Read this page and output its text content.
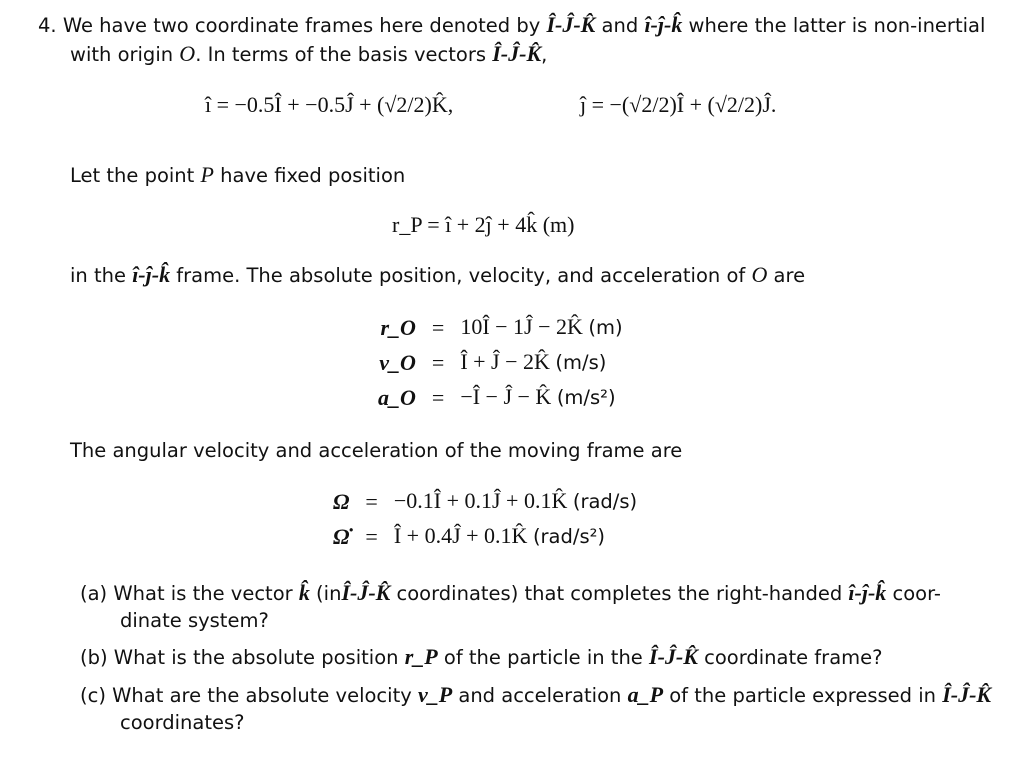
4. We have two coordinate frames here denoted by Î-Ĵ-K̂ and î-ĵ-k̂ where the latter is non-inertial
with origin O. In terms of the basis vectors Î-Ĵ-K̂,
î = −0.5Î + −0.5Ĵ + (√2/2)K̂,	ĵ = −(√2/2)Î + (√2/2)Ĵ.
Let the point P have fixed position
r_P = î + 2ĵ + 4k̂ (m)
in the î-ĵ-k̂ frame. The absolute position, velocity, and acceleration of O are
r_O	=	10Î − 1Ĵ − 2K̂ (m)
v_O	=	Î + Ĵ − 2K̂ (m/s)
a_O	=	−Î − Ĵ − K̂ (m/s²)
The angular velocity and acceleration of the moving frame are
Ω	=	−0.1Î + 0.1Ĵ + 0.1K̂ (rad/s)
Ω̇	=	Î + 0.4Ĵ + 0.1K̂ (rad/s²)
(a) What is the vector k̂ (inÎ-Ĵ-K̂ coordinates) that completes the right-handed î-ĵ-k̂ coor-
dinate system?
(b) What is the absolute position r_P of the particle in the Î-Ĵ-K̂ coordinate frame?
(c) What are the absolute velocity v_P and acceleration a_P of the particle expressed in Î-Ĵ-K̂
coordinates?
